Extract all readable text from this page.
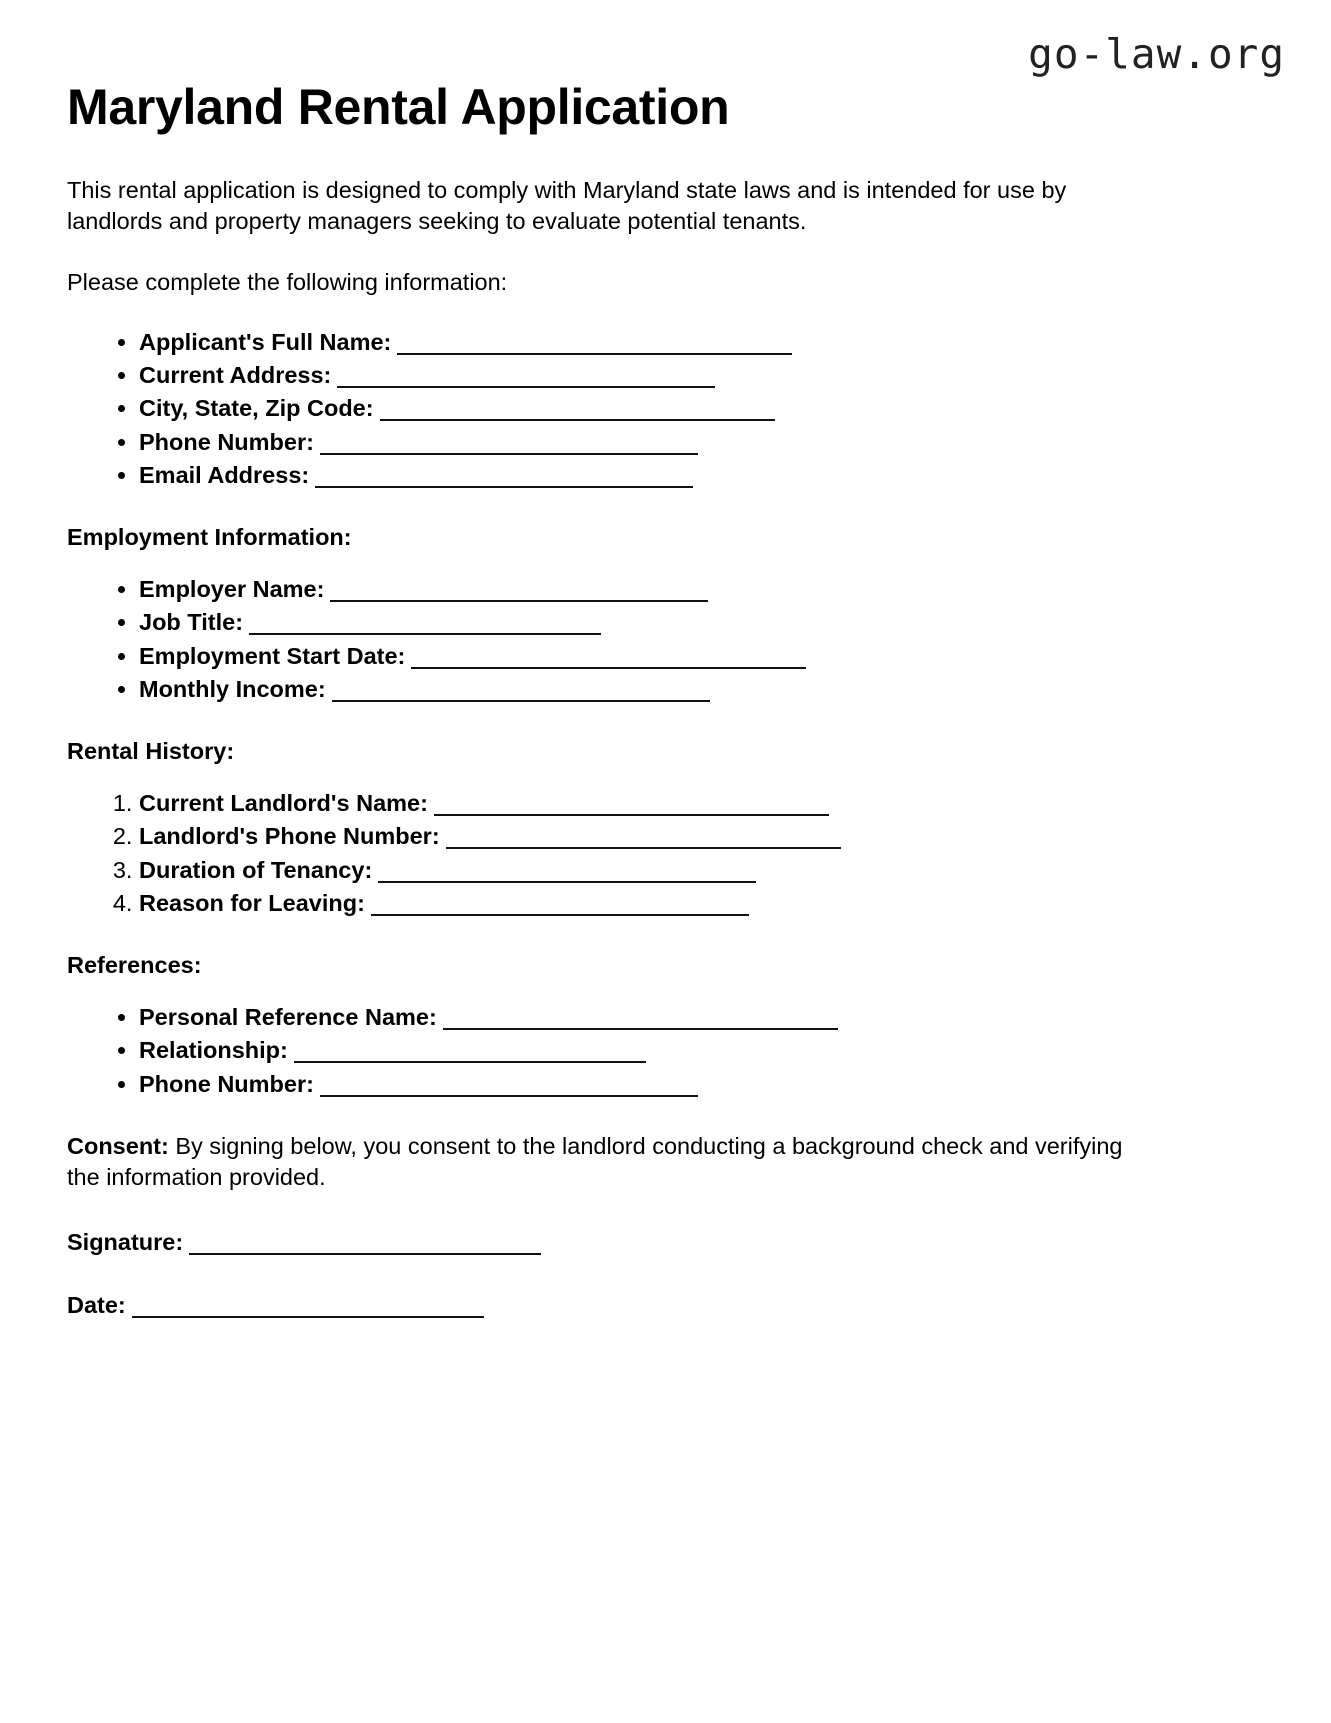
go-law.org
Maryland Rental Application

This rental application is designed to comply with Maryland state laws and is intended for use by landlords and property managers seeking to evaluate potential tenants.

Please complete the following information:

• Applicant's Full Name:
• Current Address:
• City, State, Zip Code:
• Phone Number:
• Email Address:
Employment Information:
• Employer Name:
• Job Title:
• Employment Start Date:
• Monthly Income:
Rental History:
1. Current Landlord's Name:
2. Landlord's Phone Number:
3. Duration of Tenancy:
4. Reason for Leaving:
References:
• Personal Reference Name:
• Relationship:
• Phone Number:

Consent: By signing below, you consent to the landlord conducting a background check and verifying the information provided.

Signature:
Date:
